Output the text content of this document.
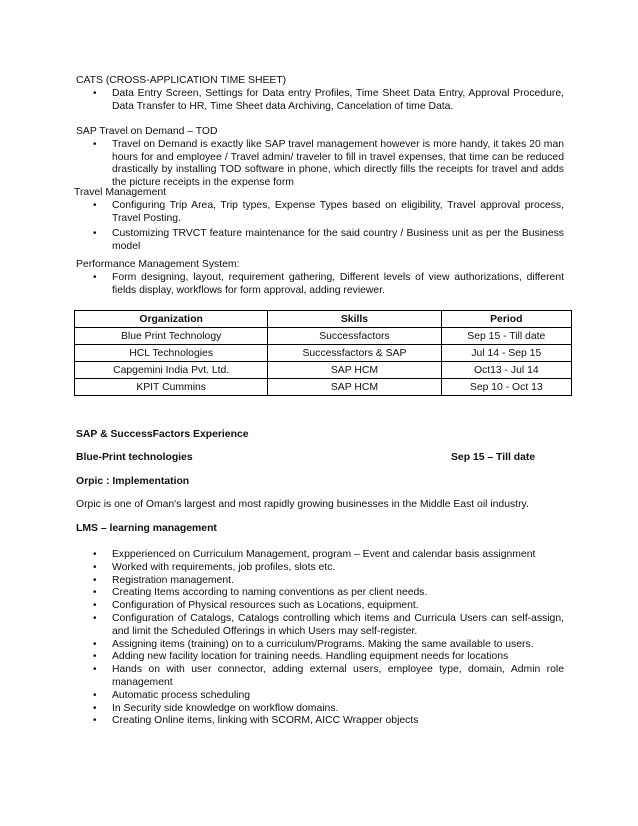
CATS (CROSS-APPLICATION TIME SHEET)

• Data Entry Screen, Settings for Data entry Profiles, Time Sheet Data Entry, Approval Procedure, Data Transfer to HR, Time Sheet data Archiving, Cancelation of time Data.

SAP Travel on Demand – TOD

• Travel on Demand is exactly like SAP travel management however is more handy, it takes 20 man hours for and employee / Travel admin/ traveler to fill in travel expenses, that time can be reduced drastically by installing TOD software in phone, which directly fills the receipts for travel and adds the picture receipts in the expense form

Travel Management

• Configuring Trip Area, Trip types, Expense Types based on eligibility, Travel approval process, Travel Posting.
• Customizing TRVCT feature maintenance for the said country / Business unit as per the Business model

Performance Management System:

• Form designing, layout, requirement gathering, Different levels of view authorizations, different fields display, workflows for form approval, adding reviewer.
Organization	Skills	Period
Blue Print Technology	Successfactors	Sep 15 - Till date
HCL Technologies	Successfactors & SAP	Jul 14 - Sep 15
Capgemini India Pvt. Ltd.	SAP HCM	Oct13 - Jul 14
KPIT Cummins	SAP HCM	Sep 10 - Oct 13
SAP & SuccessFactors Experience
Blue-Print technologies	Sep 15 – Till date
Orpic : Implementation
Orpic is one of Oman's largest and most rapidly growing businesses in the Middle East oil industry.
LMS – learning management
• Expperienced on Curriculum Management, program – Event and calendar basis assignment
• Worked with requirements, job profiles, slots etc.
• Registration management.
• Creating Items according to naming conventions as per client needs.
• Configuration of Physical resources such as Locations, equipment.
• Configuration of Catalogs, Catalogs controlling which items and Curricula Users can self-assign, and limit the Scheduled Offerings in which Users may self-register.
• Assigning items (training) on to a curriculum/Programs. Making the same available to users.
• Adding new facility location for training needs. Handling equipment needs for locations
• Hands on with user connector, adding external users, employee type, domain, Admin role management
• Automatic process scheduling
• In Security side knowledge on workflow domains.
• Creating Online items, linking with SCORM, AICC Wrapper objects
